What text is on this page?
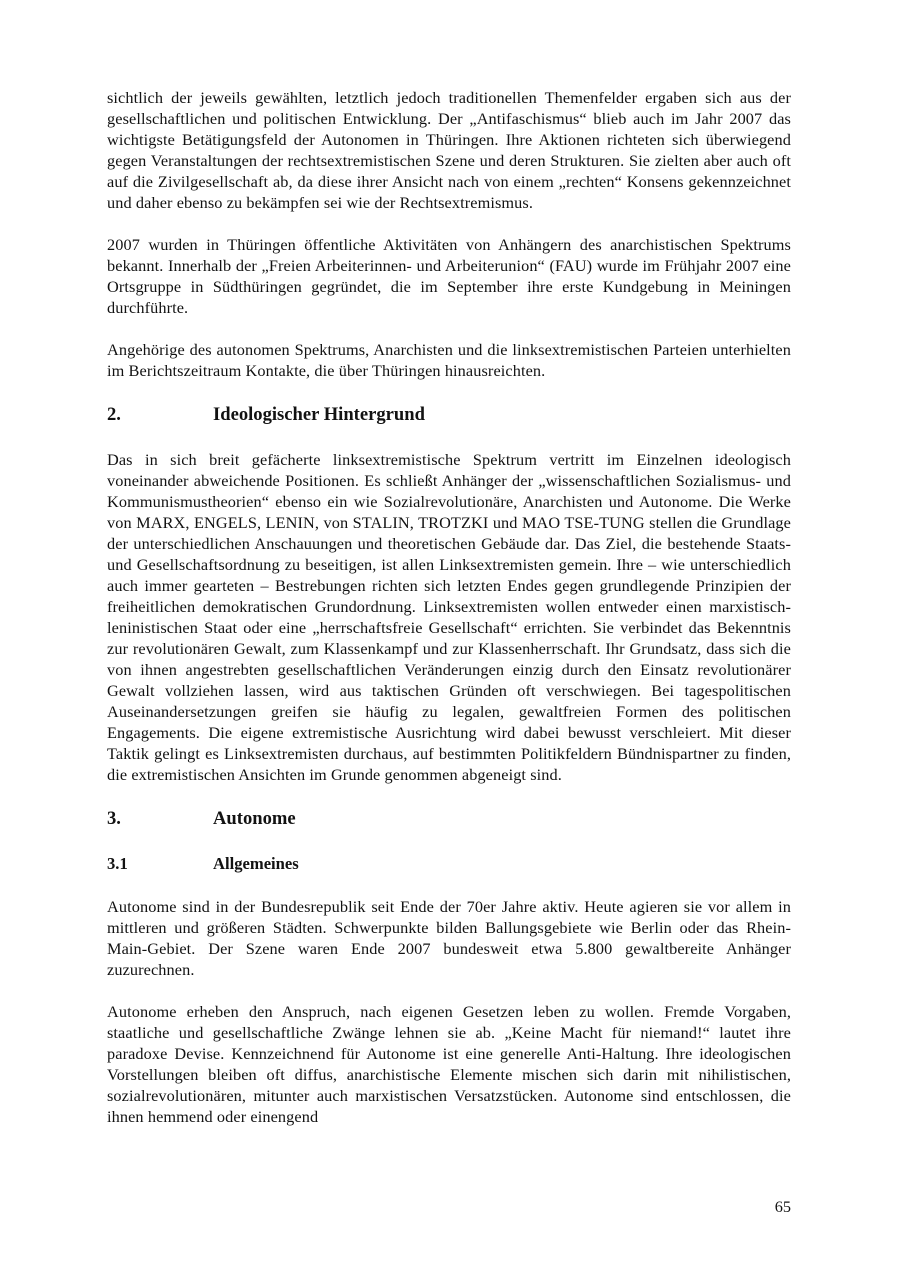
sichtlich der jeweils gewählten, letztlich jedoch traditionellen Themenfelder ergaben sich aus der gesellschaftlichen und politischen Entwicklung. Der „Antifaschismus“ blieb auch im Jahr 2007 das wichtigste Betätigungsfeld der Autonomen in Thüringen. Ihre Aktionen richteten sich überwiegend gegen Veranstaltungen der rechtsextremistischen Szene und deren Strukturen. Sie zielten aber auch oft auf die Zivilgesellschaft ab, da diese ihrer Ansicht nach von einem „rechten“ Konsens gekennzeichnet und daher ebenso zu bekämpfen sei wie der Rechtsextremismus.

2007 wurden in Thüringen öffentliche Aktivitäten von Anhängern des anarchistischen Spektrums bekannt. Innerhalb der „Freien Arbeiterinnen- und Arbeiterunion“ (FAU) wurde im Frühjahr 2007 eine Ortsgruppe in Südthüringen gegründet, die im September ihre erste Kundgebung in Meiningen durchführte.

Angehörige des autonomen Spektrums, Anarchisten und die linksextremistischen Parteien unterhielten im Berichtszeitraum Kontakte, die über Thüringen hinausreichten.

2.	Ideologischer Hintergrund

Das in sich breit gefächerte linksextremistische Spektrum vertritt im Einzelnen ideologisch voneinander abweichende Positionen. Es schließt Anhänger der „wissenschaftlichen Sozialismus- und Kommunismustheorien“ ebenso ein wie Sozialrevolutionäre, Anarchisten und Autonome. Die Werke von MARX, ENGELS, LENIN, von STALIN, TROTZKI und MAO TSE-TUNG stellen die Grundlage der unterschiedlichen Anschauungen und theoretischen Gebäude dar. Das Ziel, die bestehende Staats- und Gesellschaftsordnung zu beseitigen, ist allen Linksextremisten gemein. Ihre – wie unterschiedlich auch immer gearteten – Bestrebungen richten sich letzten Endes gegen grundlegende Prinzipien der freiheitlichen demokratischen Grundordnung. Linksextremisten wollen entweder einen marxistisch-leninistischen Staat oder eine „herrschaftsfreie Gesellschaft“ errichten. Sie verbindet das Bekenntnis zur revolutionären Gewalt, zum Klassenkampf und zur Klassenherrschaft. Ihr Grundsatz, dass sich die von ihnen angestrebten gesellschaftlichen Veränderungen einzig durch den Einsatz revolutionärer Gewalt vollziehen lassen, wird aus taktischen Gründen oft verschwiegen. Bei tagespolitischen Auseinandersetzungen greifen sie häufig zu legalen, gewaltfreien Formen des politischen Engagements. Die eigene extremistische Ausrichtung wird dabei bewusst verschleiert. Mit dieser Taktik gelingt es Linksextremisten durchaus, auf bestimmten Politikfeldern Bündnispartner zu finden, die extremistischen Ansichten im Grunde genommen abgeneigt sind.

3.	Autonome
3.1	Allgemeines

Autonome sind in der Bundesrepublik seit Ende der 70er Jahre aktiv. Heute agieren sie vor allem in mittleren und größeren Städten. Schwerpunkte bilden Ballungsgebiete wie Berlin oder das Rhein-Main-Gebiet. Der Szene waren Ende 2007 bundesweit etwa 5.800 gewaltbereite Anhänger zuzurechnen.

Autonome erheben den Anspruch, nach eigenen Gesetzen leben zu wollen. Fremde Vorgaben, staatliche und gesellschaftliche Zwänge lehnen sie ab. „Keine Macht für niemand!“ lautet ihre paradoxe Devise. Kennzeichnend für Autonome ist eine generelle Anti-Haltung. Ihre ideologischen Vorstellungen bleiben oft diffus, anarchistische Elemente mischen sich darin mit nihilistischen, sozialrevolutionären, mitunter auch marxistischen Versatzstücken. Autonome sind entschlossen, die ihnen hemmend oder einengend

65
